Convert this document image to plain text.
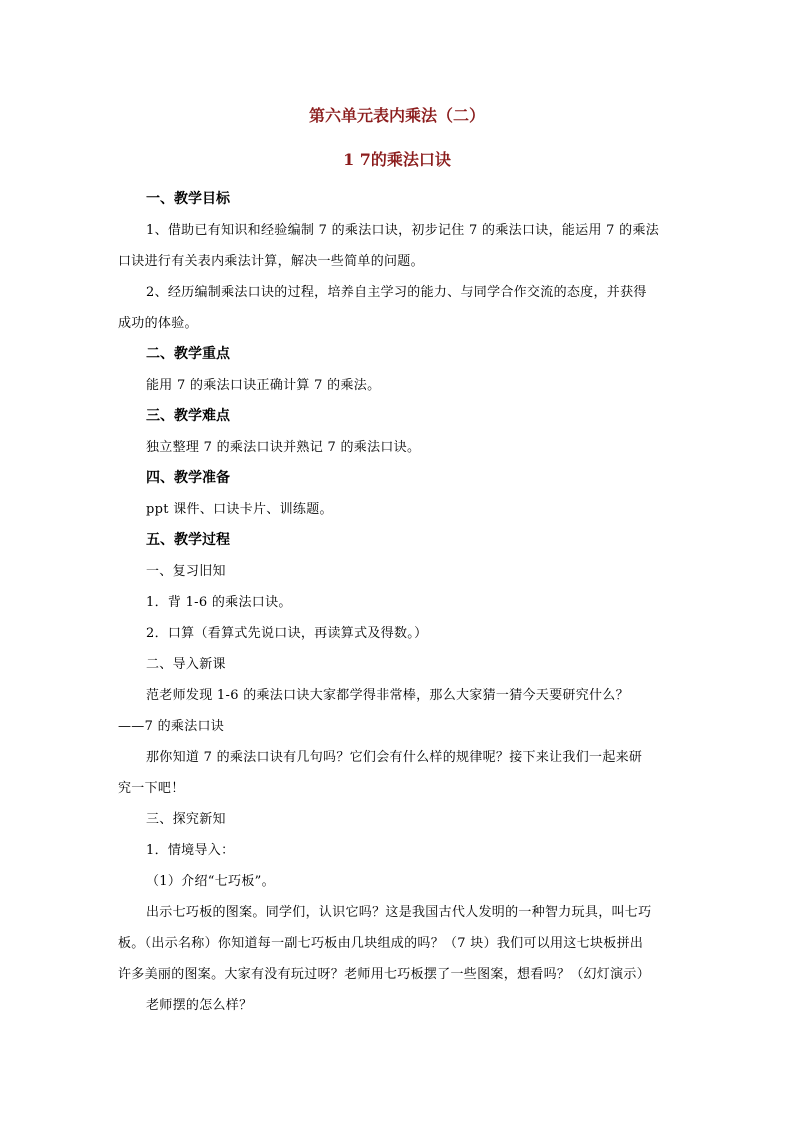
第六单元表内乘法（二）

1 7的乘法口诀

一、教学目标

1、借助已有知识和经验编制 7 的乘法口诀，初步记住 7 的乘法口诀，能运用 7 的乘法

口诀进行有关表内乘法计算，解决一些简单的问题。

2、经历编制乘法口诀的过程，培养自主学习的能力、与同学合作交流的态度，并获得

成功的体验。

二、教学重点

能用 7 的乘法口诀正确计算 7 的乘法。

三、教学难点

独立整理 7 的乘法口诀并熟记 7 的乘法口诀。

四、教学准备

ppt 课件、口诀卡片、训练题。

五、教学过程

一、复习旧知

1．背 1-6 的乘法口诀。

2．口算（看算式先说口诀，再读算式及得数。）

二、导入新课

范老师发现 1-6 的乘法口诀大家都学得非常棒，那么大家猜一猜今天要研究什么？

——7 的乘法口诀

那你知道 7 的乘法口诀有几句吗？它们会有什么样的规律呢？接下来让我们一起来研

究一下吧！

三、探究新知

1．情境导入：

（1）介绍“七巧板”。

出示七巧板的图案。同学们，认识它吗？这是我国古代人发明的一种智力玩具，叫七巧

板。（出示名称）你知道每一副七巧板由几块组成的吗？（7 块）我们可以用这七块板拼出

许多美丽的图案。大家有没有玩过呀？老师用七巧板摆了一些图案，想看吗？（幻灯演示）

老师摆的怎么样？
